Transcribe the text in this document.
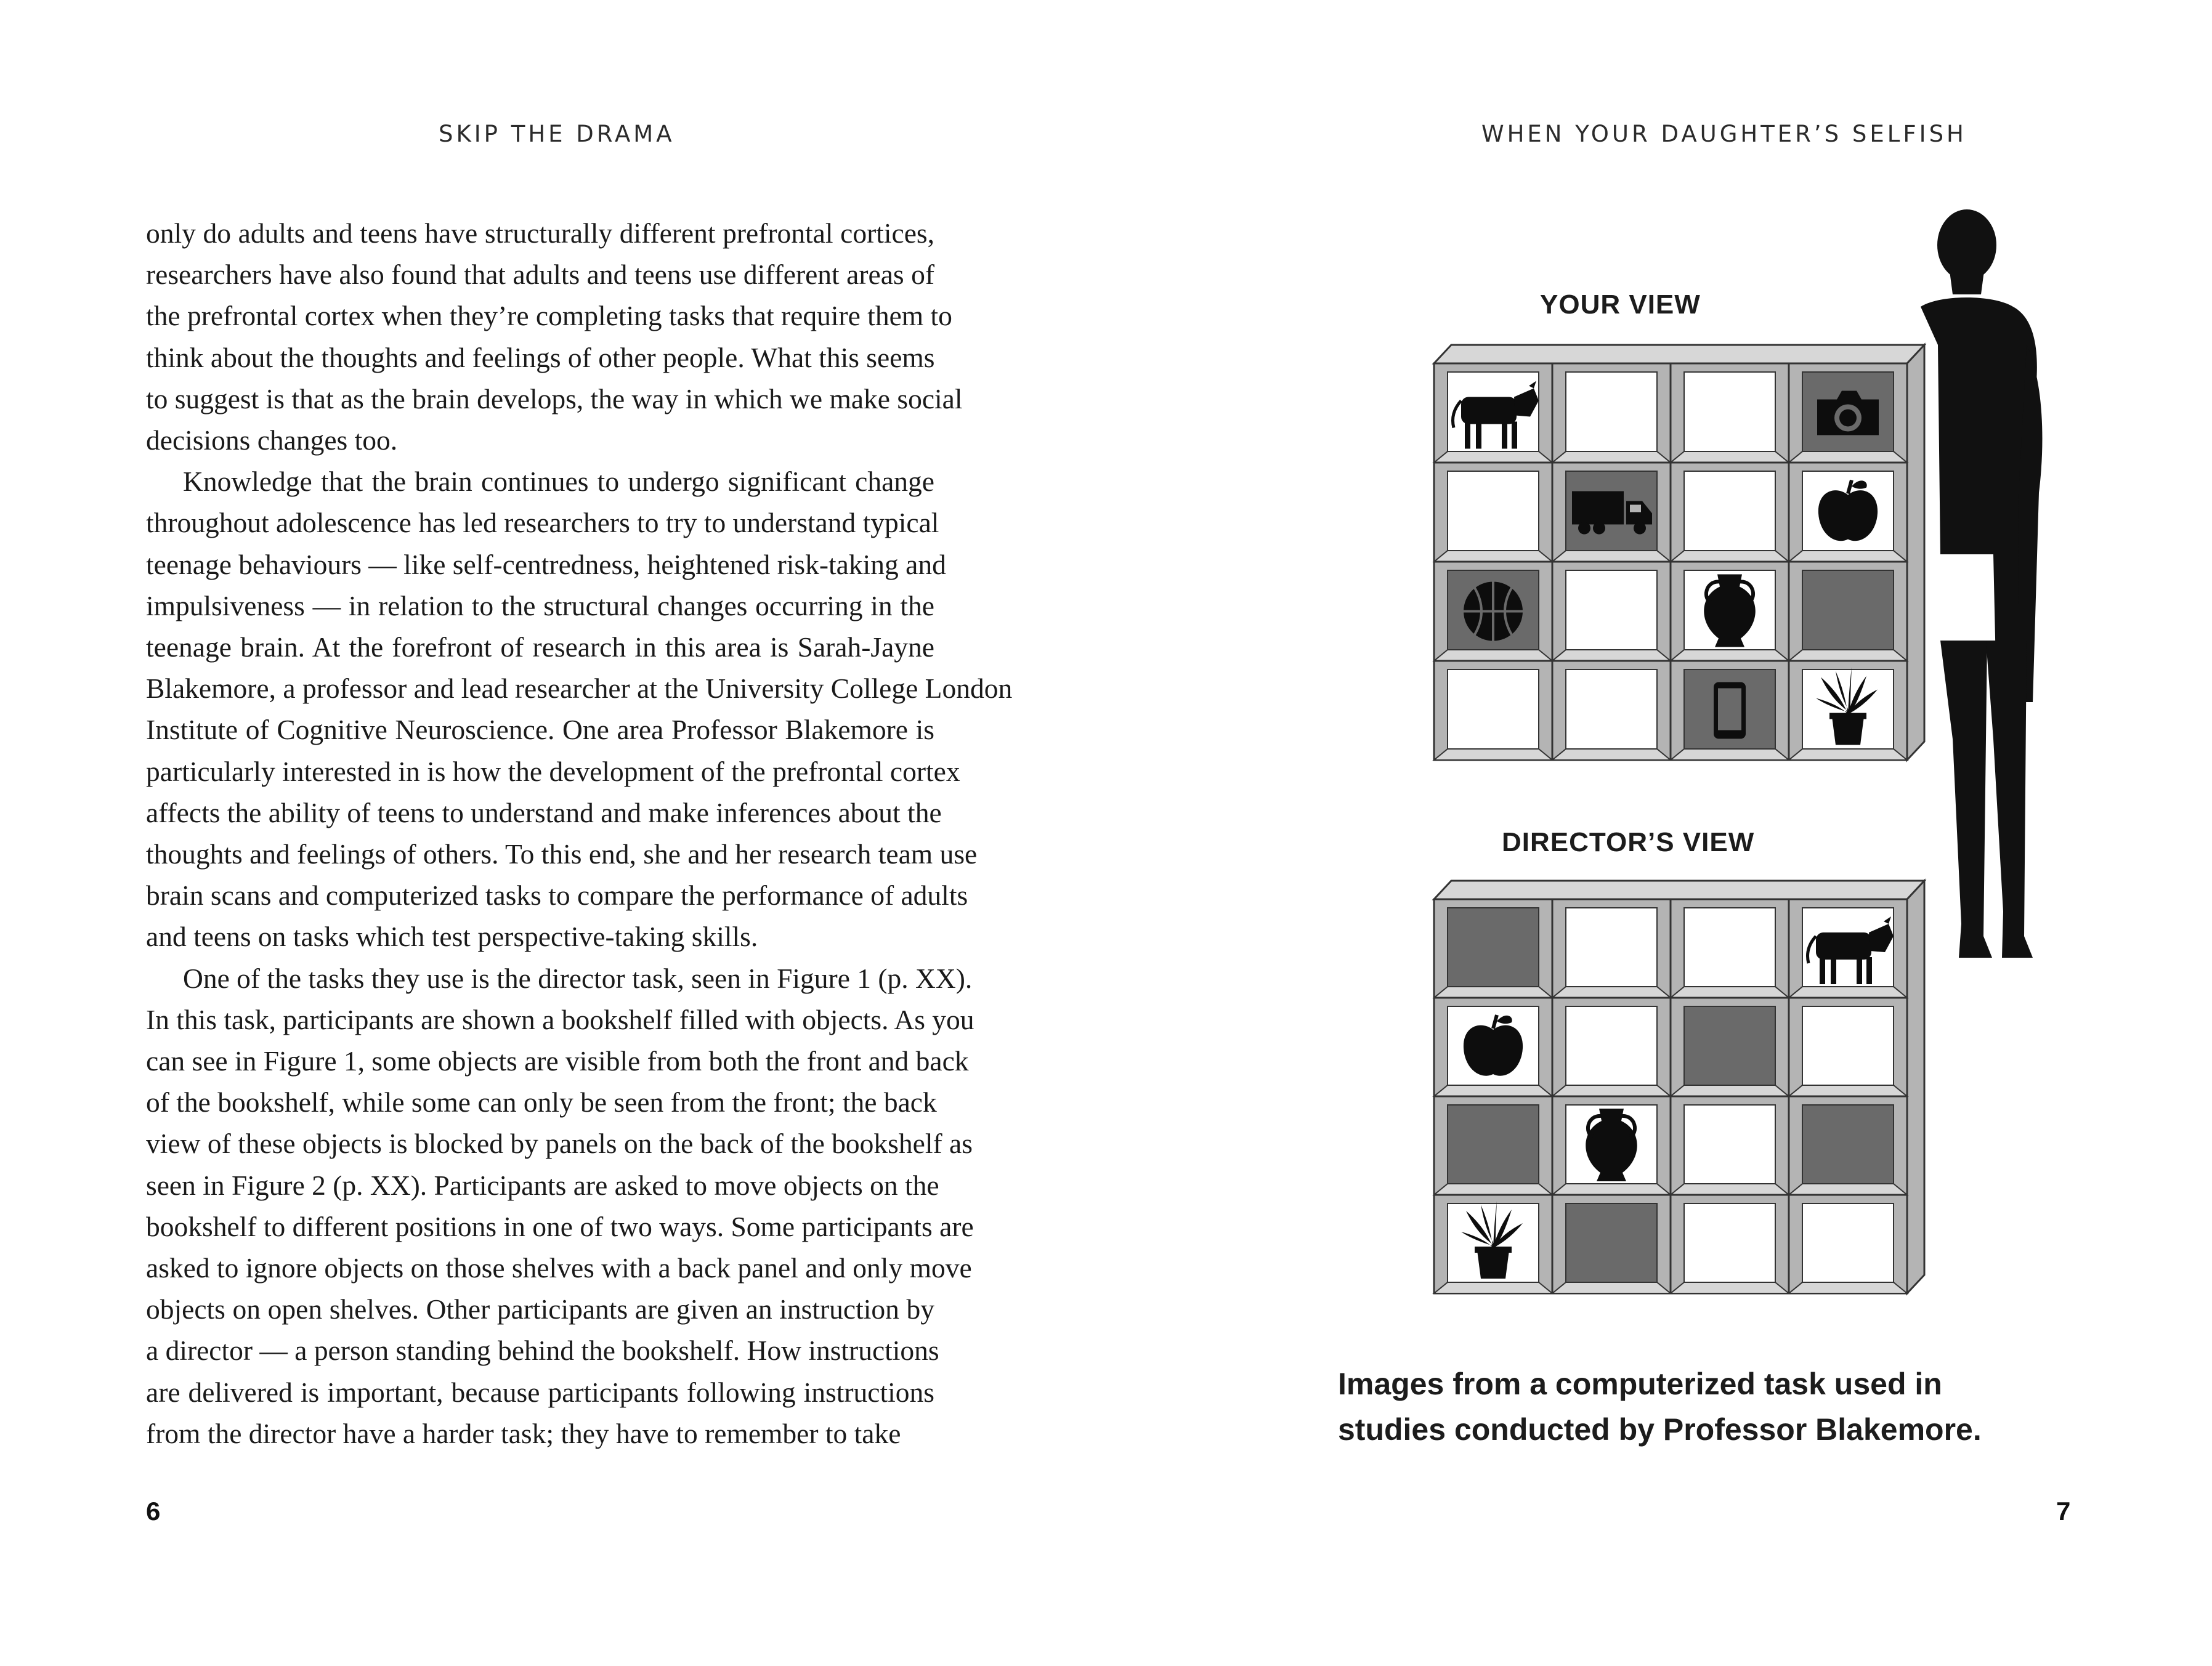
SKIP THE DRAMA
only do adults and teens have structurally different prefrontal cortices,
researchers have also found that adults and teens use different areas of
the prefrontal cortex when they’re completing tasks that require them to
think about the thoughts and feelings of other people. What this seems
to suggest is that as the brain develops, the way in which we make social
decisions changes too.
Knowledge that the brain continues to undergo significant change
throughout adolescence has led researchers to try to understand typical
teenage behaviours — like self-centredness, heightened risk-taking and
impulsiveness — in relation to the structural changes occurring in the
teenage brain. At the forefront of research in this area is Sarah-Jayne
Blakemore, a professor and lead researcher at the University College London
Institute of Cognitive Neuroscience. One area Professor Blakemore is
particularly interested in is how the development of the prefrontal cortex
affects the ability of teens to understand and make inferences about the
thoughts and feelings of others. To this end, she and her research team use
brain scans and computerized tasks to compare the performance of adults
and teens on tasks which test perspective-taking skills.
One of the tasks they use is the director task, seen in Figure 1 (p. XX).
In this task, participants are shown a bookshelf filled with objects. As you
can see in Figure 1, some objects are visible from both the front and back
of the bookshelf, while some can only be seen from the front; the back
view of these objects is blocked by panels on the back of the bookshelf as
seen in Figure 2 (p. XX). Participants are asked to move objects on the
bookshelf to different positions in one of two ways. Some participants are
asked to ignore objects on those shelves with a back panel and only move
objects on open shelves. Other participants are given an instruction by
a director — a person standing behind the bookshelf. How instructions
are delivered is important, because participants following instructions
from the director have a harder task; they have to remember to take
6
WHEN YOUR DAUGHTER’S SELFISH
YOUR VIEW
DIRECTOR’S VIEW
Images from a computerized task used in
studies conducted by Professor Blakemore.
7
